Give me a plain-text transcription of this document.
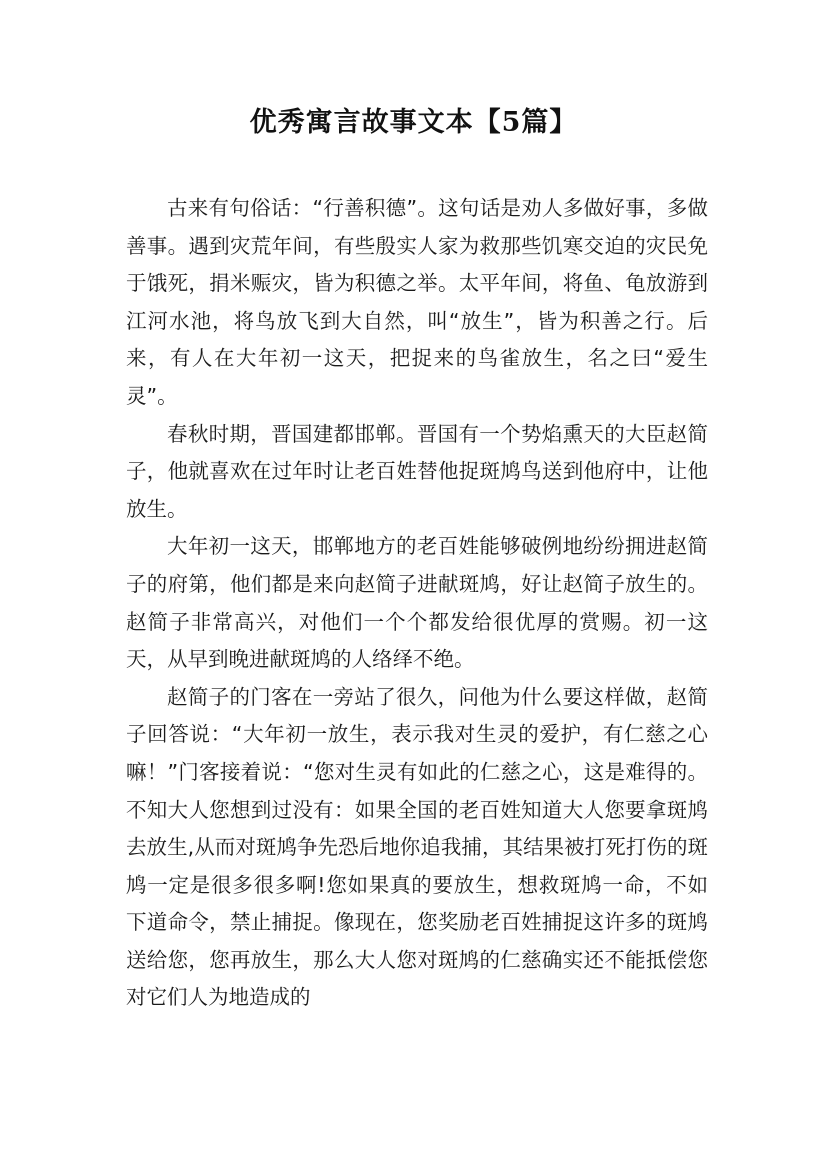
优秀寓言故事文本【5篇】

古来有句俗话：“行善积德”。这句话是劝人多做好事，多做善事。遇到灾荒年间，有些殷实人家为救那些饥寒交迫的灾民免于饿死，捐米赈灾，皆为积德之举。太平年间，将鱼、龟放游到江河水池，将鸟放飞到大自然，叫“放生”，皆为积善之行。后来，有人在大年初一这天，把捉来的鸟雀放生，名之曰“爱生灵”。

春秋时期，晋国建都邯郸。晋国有一个势焰熏天的大臣赵简子，他就喜欢在过年时让老百姓替他捉斑鸠鸟送到他府中，让他放生。

大年初一这天，邯郸地方的老百姓能够破例地纷纷拥进赵简子的府第，他们都是来向赵简子进献斑鸠，好让赵简子放生的。赵简子非常高兴，对他们一个个都发给很优厚的赏赐。初一这天，从早到晚进献斑鸠的人络绎不绝。

赵简子的门客在一旁站了很久，问他为什么要这样做，赵简子回答说：“大年初一放生，表示我对生灵的爱护，有仁慈之心嘛！”门客接着说：“您对生灵有如此的仁慈之心，这是难得的。不知大人您想到过没有：如果全国的老百姓知道大人您要拿斑鸠去放生,从而对斑鸠争先恐后地你追我捕，其结果被打死打伤的斑鸠一定是很多很多啊!您如果真的要放生，想救斑鸠一命，不如下道命令，禁止捕捉。像现在，您奖励老百姓捕捉这许多的斑鸠送给您，您再放生，那么大人您对斑鸠的仁慈确实还不能抵偿您对它们人为地造成的
